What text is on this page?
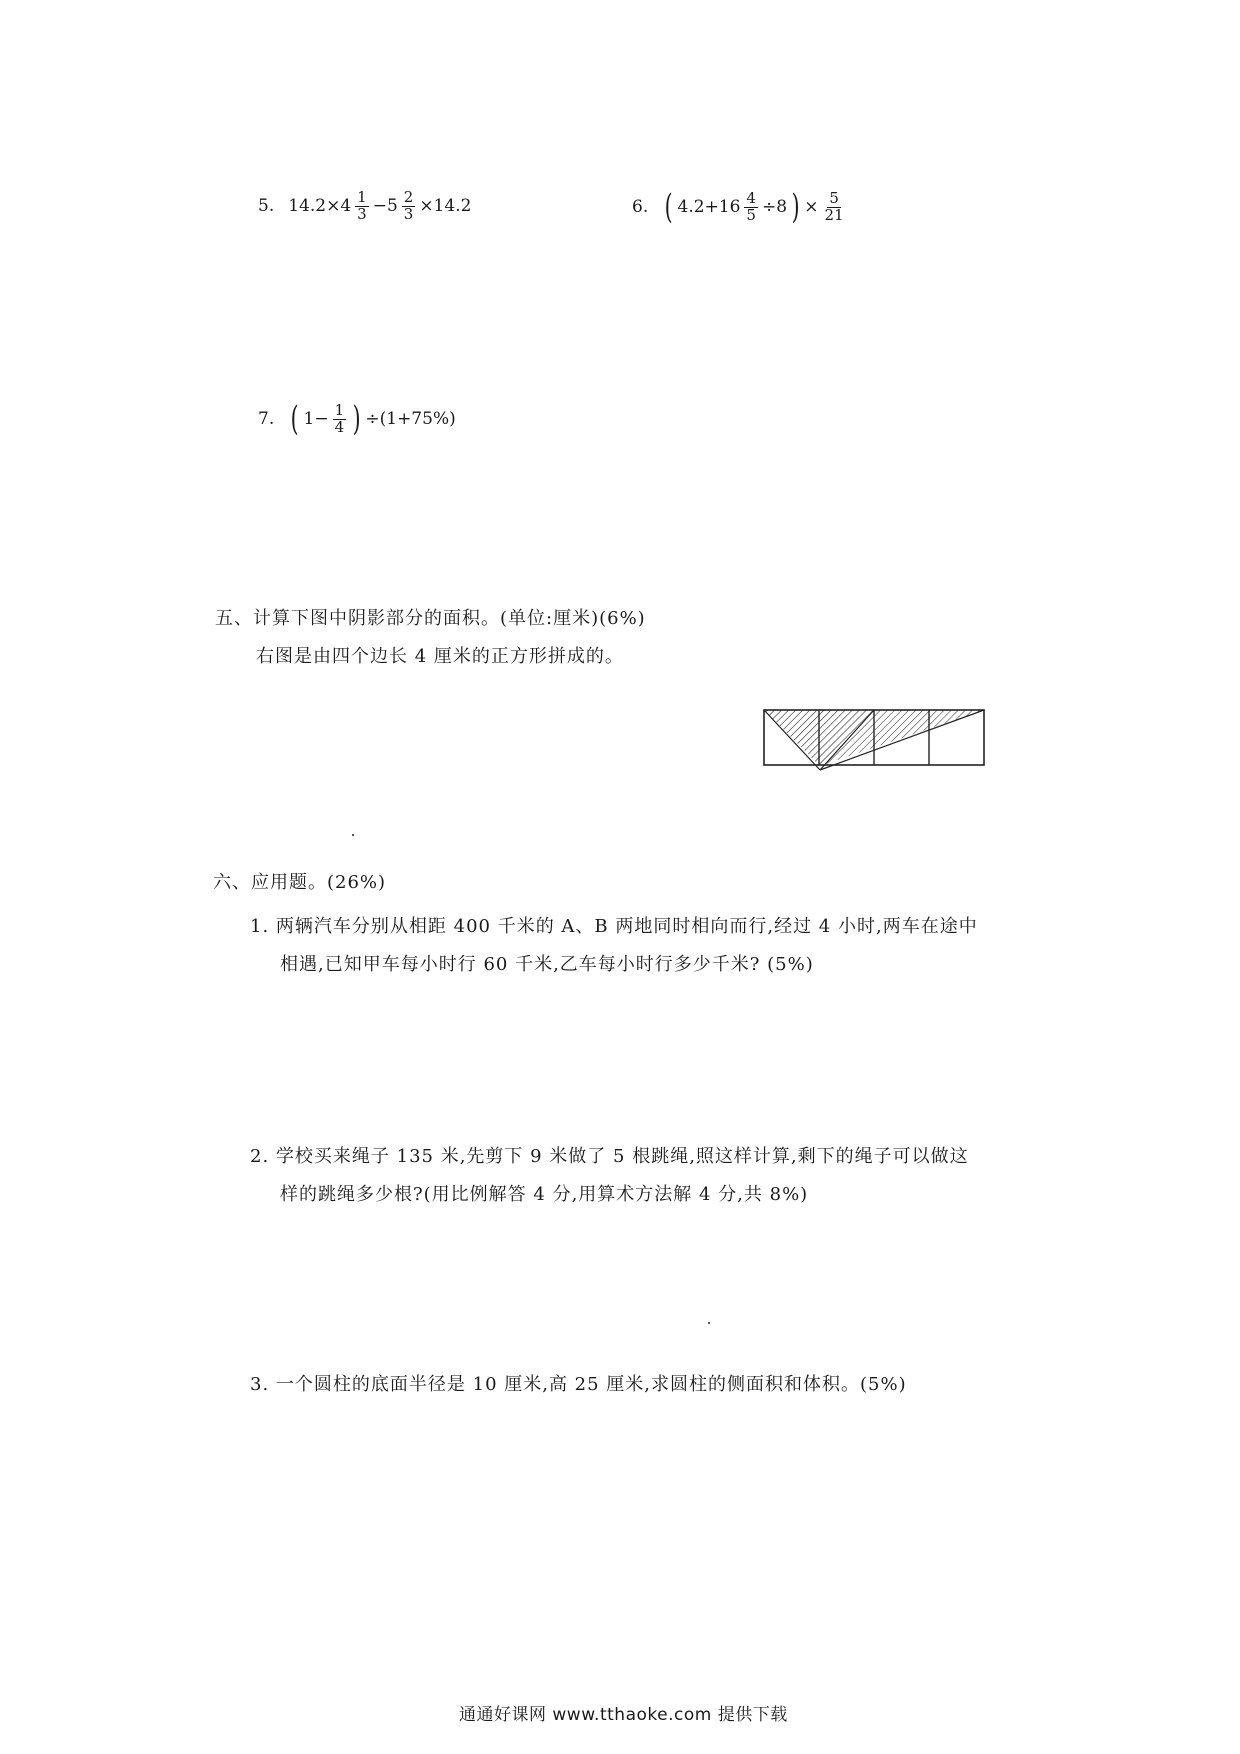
5. $14.2\times 4 \frac{1}{3} -5 \frac{2}{3} \times 14.2$	6. ( $4.2+16 \frac{4}{5} \div 8$ ) × $\frac{5}{21}$
7. ( $1- \frac{1}{4}$ ) ÷(1+75%)
五、计算下图中阴影部分的面积。(单位:厘米)(6%)
右图是由四个边长 4 厘米的正方形拼成的。
六、应用题。(26%)
1. 两辆汽车分别从相距 400 千米的 A、B 两地同时相向而行,经过 4 小时,两车在途中
相遇,已知甲车每小时行 60 千米,乙车每小时行多少千米? (5%)
2. 学校买来绳子 135 米,先剪下 9 米做了 5 根跳绳,照这样计算,剩下的绳子可以做这
样的跳绳多少根?(用比例解答 4 分,用算术方法解 4 分,共 8%)
3. 一个圆柱的底面半径是 10 厘米,高 25 厘米,求圆柱的侧面积和体积。(5%)
通通好课网 www.tthaoke.com 提供下载
